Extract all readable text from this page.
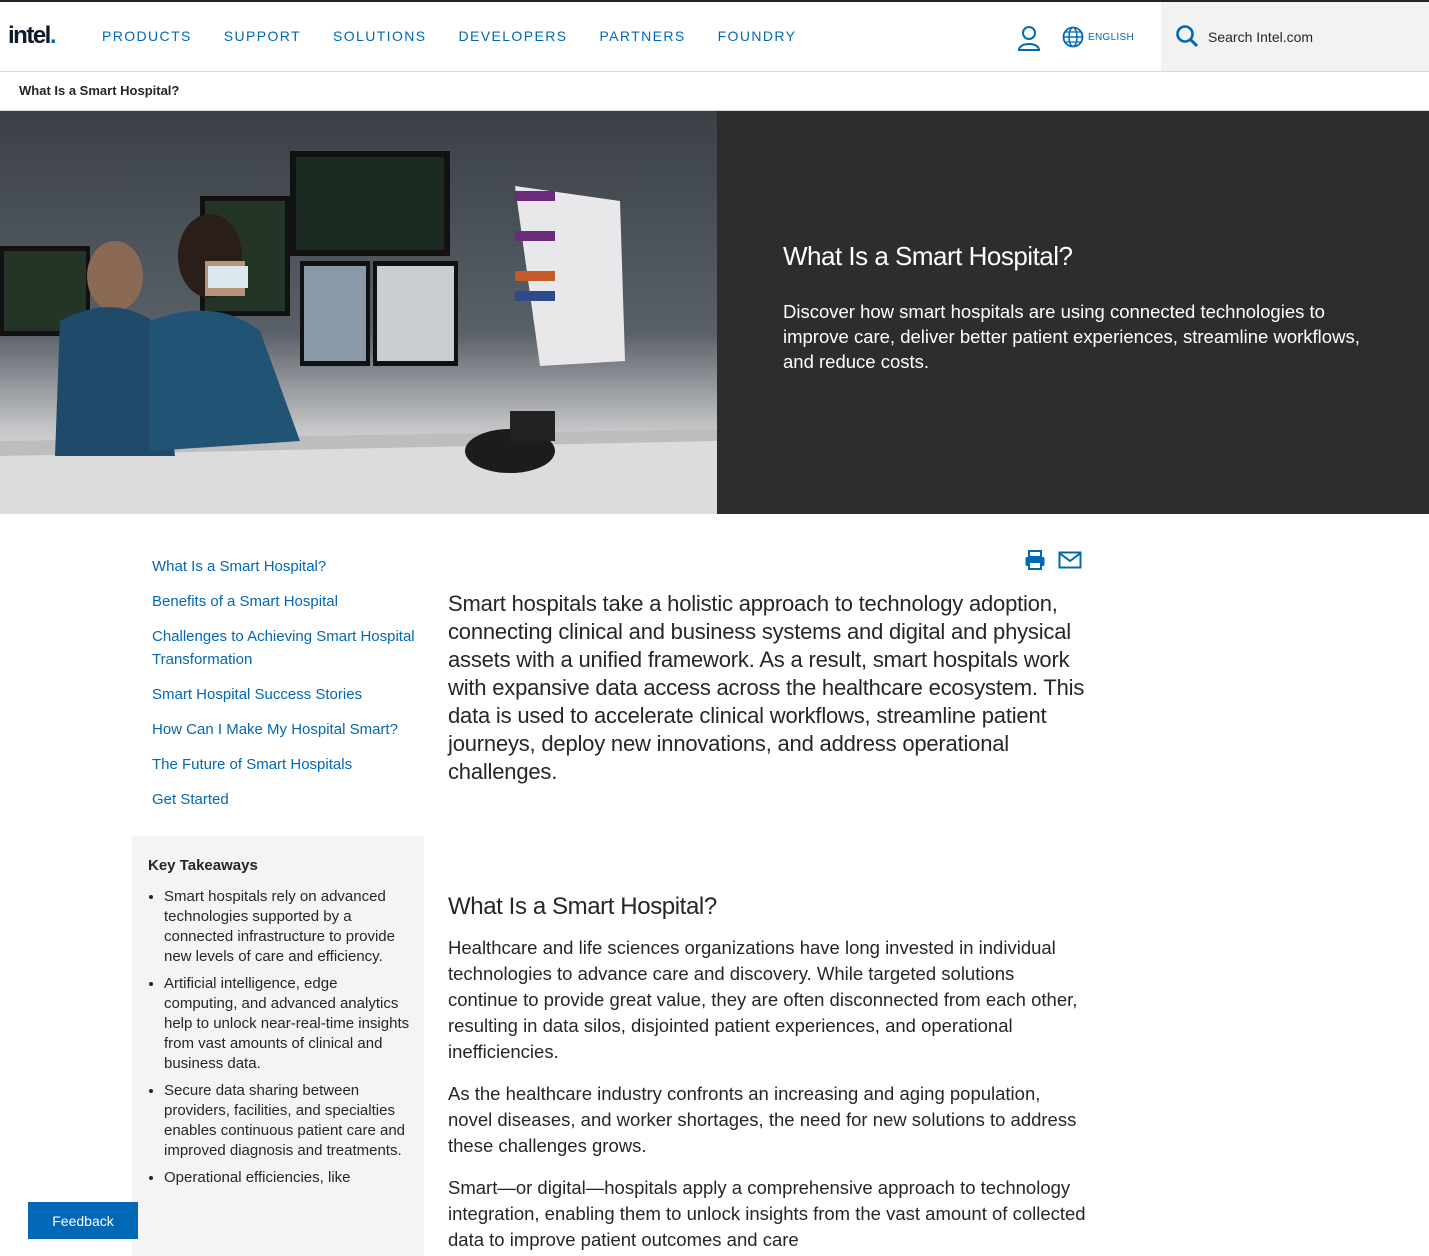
intel.	PRODUCTS SUPPORT SOLUTIONS DEVELOPERS PARTNERS FOUNDRY	ENGLISH	Search Intel.com
What Is a Smart Hospital?
What Is a Smart Hospital?
Discover how smart hospitals are using connected technologies to improve care, deliver better patient experiences, streamline workflows, and reduce costs.
What Is a Smart Hospital?
Benefits of a Smart Hospital
Challenges to Achieving Smart Hospital Transformation
Smart Hospital Success Stories
How Can I Make My Hospital Smart?
The Future of Smart Hospitals
Get Started
Key Takeaways
• Smart hospitals rely on advanced technologies supported by a connected infrastructure to provide new levels of care and efficiency.
• Artificial intelligence, edge computing, and advanced analytics help to unlock near-real-time insights from vast amounts of clinical and business data.
• Secure data sharing between providers, facilities, and specialties enables continuous patient care and improved diagnosis and treatments.
• Operational efficiencies, like
Smart hospitals take a holistic approach to technology adoption, connecting clinical and business systems and digital and physical assets with a unified framework. As a result, smart hospitals work with expansive data access across the healthcare ecosystem. This data is used to accelerate clinical workflows, streamline patient journeys, deploy new innovations, and address operational challenges.
What Is a Smart Hospital?
Healthcare and life sciences organizations have long invested in individual technologies to advance care and discovery. While targeted solutions continue to provide great value, they are often disconnected from each other, resulting in data silos, disjointed patient experiences, and operational inefficiencies.
As the healthcare industry confronts an increasing and aging population, novel diseases, and worker shortages, the need for new solutions to address these challenges grows.
Smart—or digital—hospitals apply a comprehensive approach to technology integration, enabling them to unlock insights from the vast amount of collected data to improve patient outcomes and care
Feedback
